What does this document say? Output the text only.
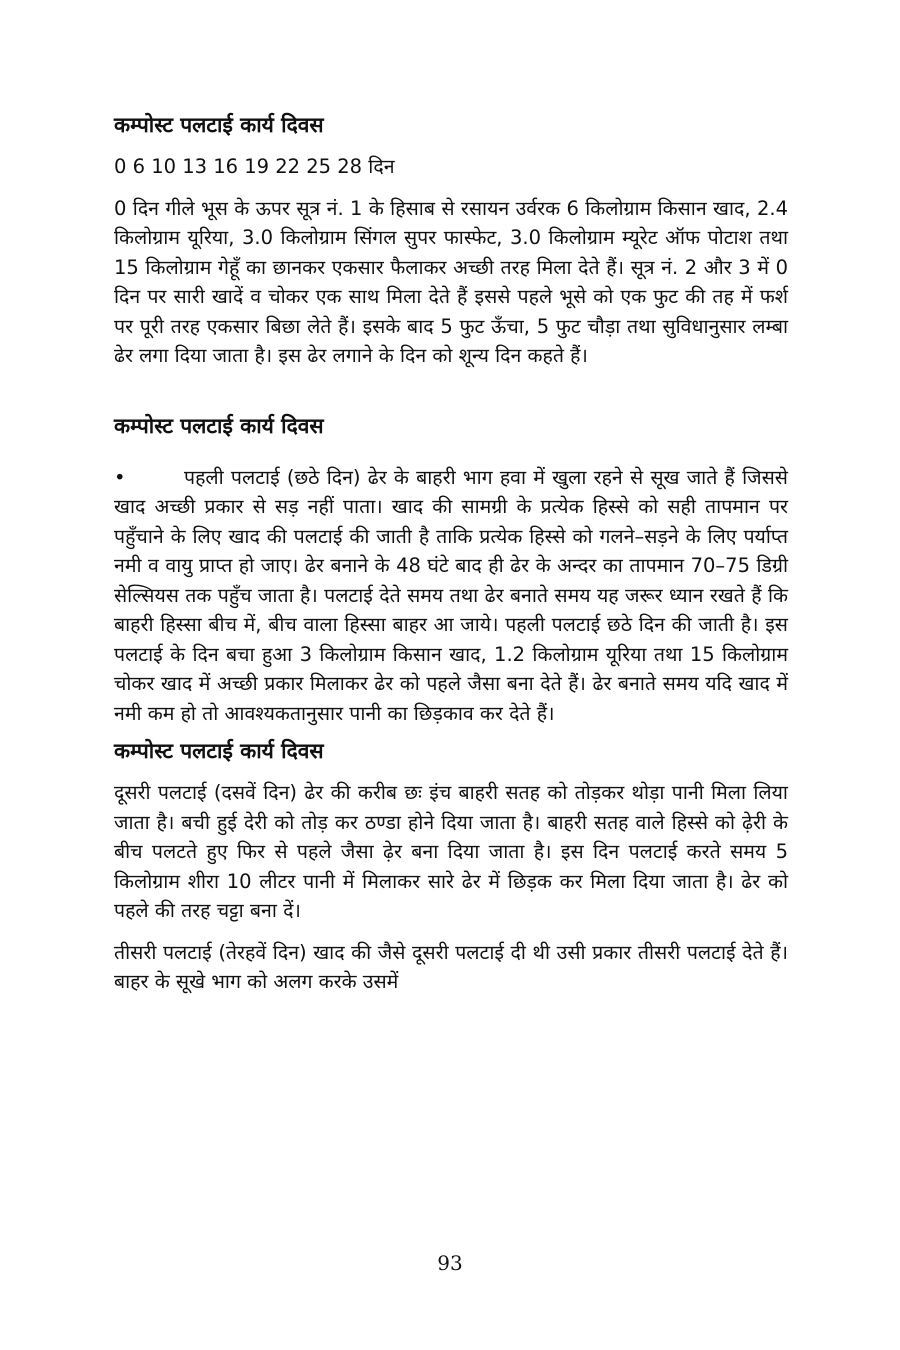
कम्पोस्ट पलटाई कार्य दिवस

0 6 10 13 16 19 22 25 28 दिन

0 दिन गीले भूस के ऊपर सूत्र नं. 1 के हिसाब से रसायन उर्वरक 6 किलोग्राम किसान खाद, 2.4 किलोग्राम यूरिया, 3.0 किलोग्राम सिंगल सुपर फास्फेट, 3.0 किलोग्राम म्यूरेट ऑफ पोटाश तथा 15 किलोग्राम गेहूँ का छानकर एकसार फैलाकर अच्छी तरह मिला देते हैं। सूत्र नं. 2 और 3 में 0 दिन पर सारी खादें व चोकर एक साथ मिला देते हैं इससे पहले भूसे को एक फुट की तह में फर्श पर पूरी तरह एकसार बिछा लेते हैं। इसके बाद 5 फुट ऊँचा, 5 फुट चौड़ा तथा सुविधानुसार लम्बा ढेर लगा दिया जाता है। इस ढेर लगाने के दिन को शून्य दिन कहते हैं।

कम्पोस्ट पलटाई कार्य दिवस

•	पहली पलटाई (छठे दिन) ढेर के बाहरी भाग हवा में खुला रहने से सूख जाते हैं जिससे खाद अच्छी प्रकार से सड़ नहीं पाता। खाद की सामग्री के प्रत्येक हिस्से को सही तापमान पर पहुँचाने के लिए खाद की पलटाई की जाती है ताकि प्रत्येक हिस्से को गलने–सड़ने के लिए पर्याप्त नमी व वायु प्राप्त हो जाए। ढेर बनाने के 48 घंटे बाद ही ढेर के अन्दर का तापमान 70–75 डिग्री सेल्सियस तक पहुँच जाता है। पलटाई देते समय तथा ढेर बनाते समय यह जरूर ध्यान रखते हैं कि बाहरी हिस्सा बीच में, बीच वाला हिस्सा बाहर आ जाये। पहली पलटाई छठे दिन की जाती है। इस पलटाई के दिन बचा हुआ 3 किलोग्राम किसान खाद, 1.2 किलोग्राम यूरिया तथा 15 किलोग्राम चोकर खाद में अच्छी प्रकार मिलाकर ढेर को पहले जैसा बना देते हैं। ढेर बनाते समय यदि खाद में नमी कम हो तो आवश्यकतानुसार पानी का छिड़काव कर देते हैं।

कम्पोस्ट पलटाई कार्य दिवस

दूसरी पलटाई (दसवें दिन) ढेर की करीब छः इंच बाहरी सतह को तोड़कर थोड़ा पानी मिला लिया जाता है। बची हुई देरी को तोड़ कर ठण्डा होने दिया जाता है। बाहरी सतह वाले हिस्से को ढ़ेरी के बीच पलटते हुए फिर से पहले जैसा ढ़ेर बना दिया जाता है। इस दिन पलटाई करते समय 5 किलोग्राम शीरा 10 लीटर पानी में मिलाकर सारे ढेर में छिड़क कर मिला दिया जाता है। ढेर को पहले की तरह चट्टा बना दें।

तीसरी पलटाई (तेरहवें दिन) खाद की जैसे दूसरी पलटाई दी थी उसी प्रकार तीसरी पलटाई देते हैं। बाहर के सूखे भाग को अलग करके उसमें

93
